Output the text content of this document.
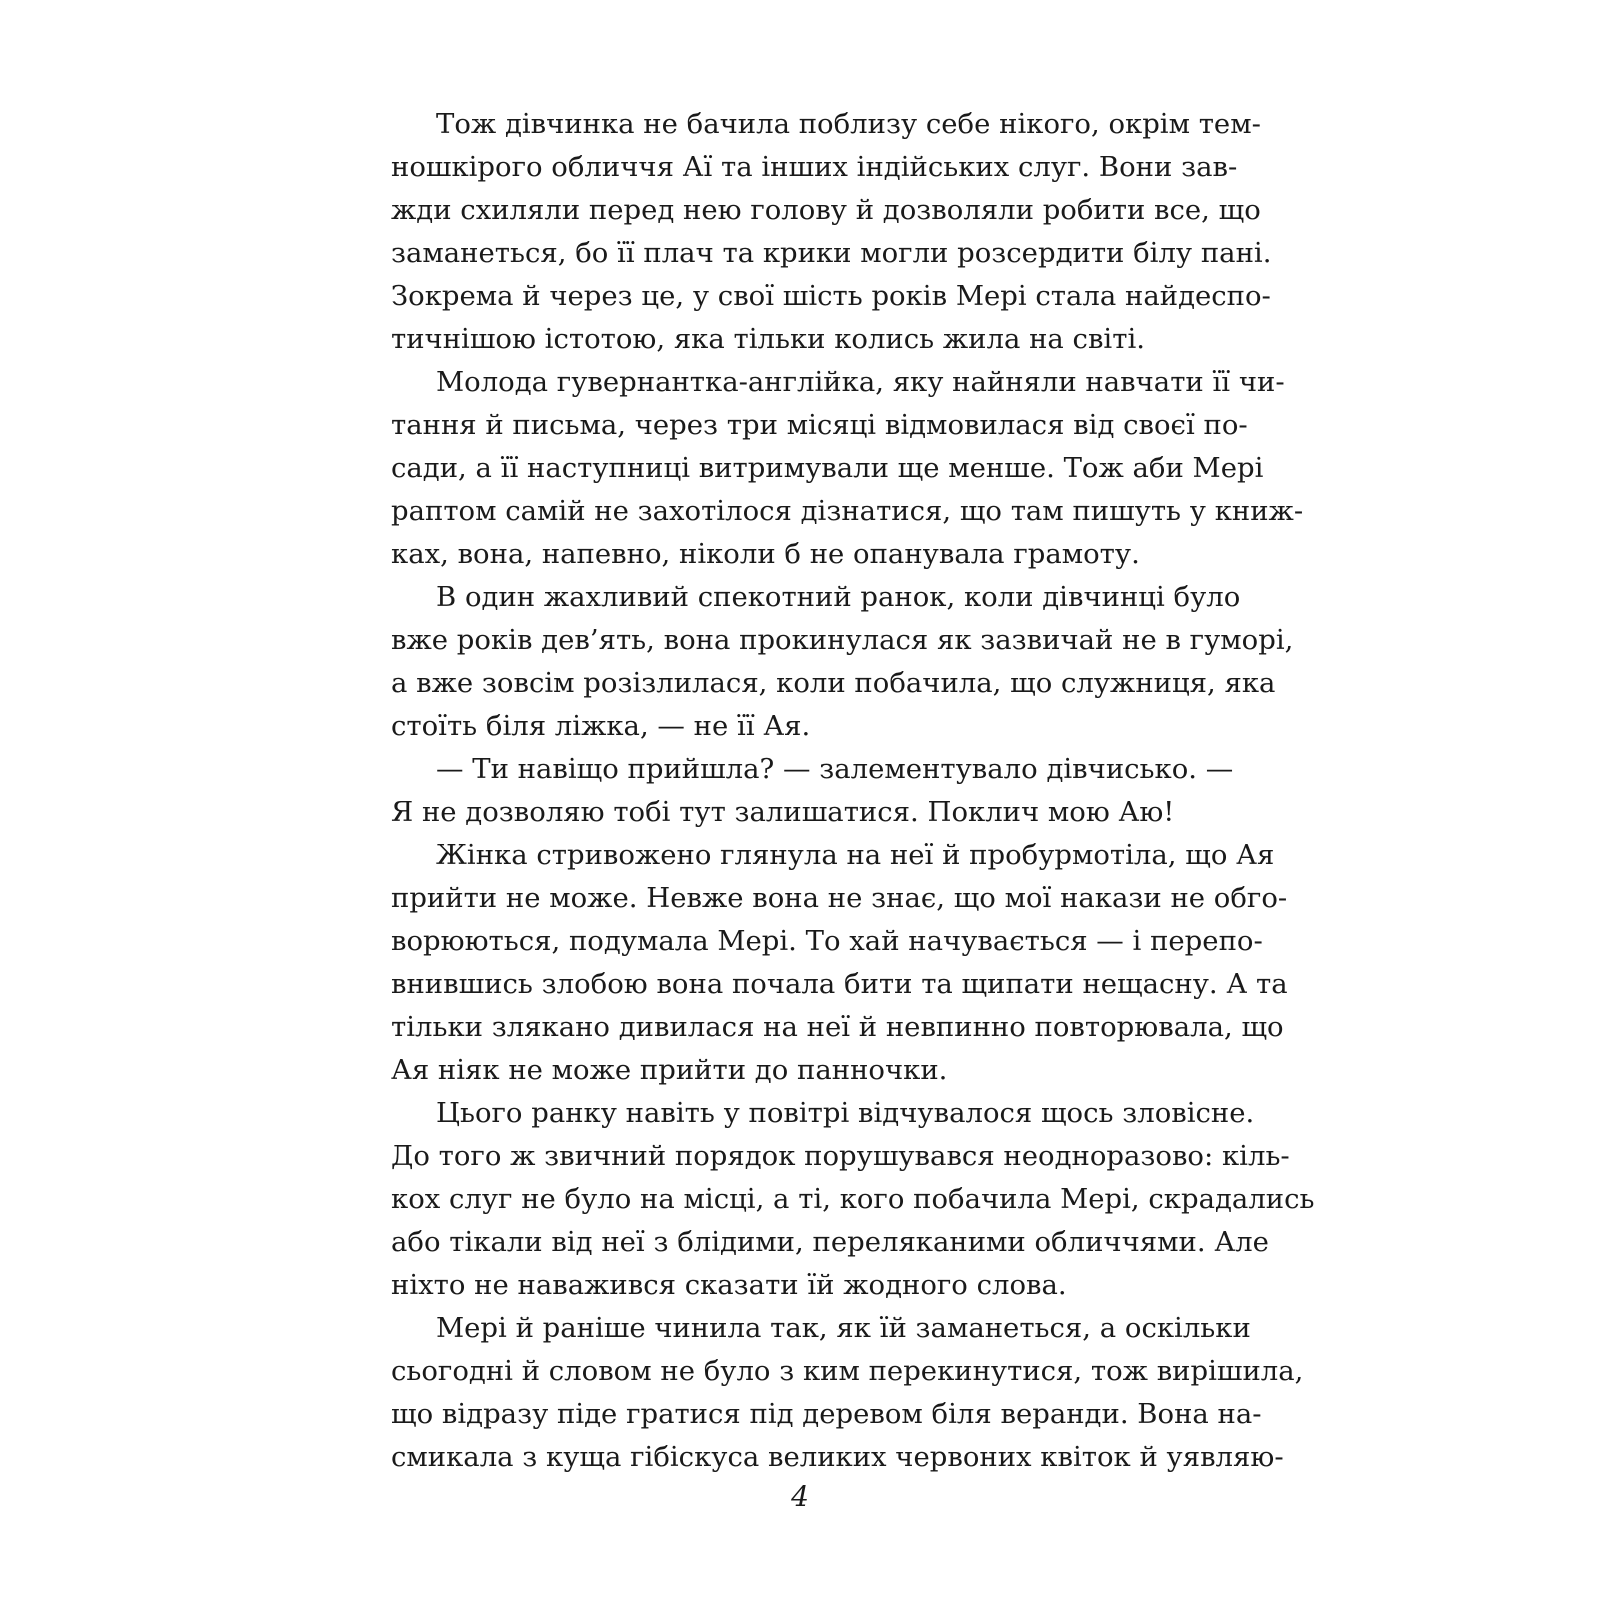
Тож дівчинка не бачила поблизу себе нікого, окрім тем-
ношкірого обличчя Аї та інших індійських слуг. Вони зав-
жди схиляли перед нею голову й дозволяли робити все, що
заманеться, бо її плач та крики могли розсердити білу пані.
Зокрема й через це, у свої шість років Мері стала найдеспо-
тичнішою істотою, яка тільки колись жила на світі.
Молода гувернантка-англійка, яку найняли навчати її чи-
тання й письма, через три місяці відмовилася від своєї по-
сади, а її наступниці витримували ще менше. Тож аби Мері
раптом самій не захотілося дізнатися, що там пишуть у книж-
ках, вона, напевно, ніколи б не опанувала грамоту.
В один жахливий спекотний ранок, коли дівчинці було
вже років дев’ять, вона прокинулася як зазвичай не в гуморі,
а вже зовсім розізлилася, коли побачила, що служниця, яка
стоїть біля ліжка, — не її Ая.
— Ти навіщо прийшла? — залементувало дівчисько. —
Я не дозволяю тобі тут залишатися. Поклич мою Аю!
Жінка стривожено глянула на неї й пробурмотіла, що Ая
прийти не може. Невже вона не знає, що мої накази не обго-
ворюються, подумала Мері. То хай начувається — і перепо-
внившись злобою вона почала бити та щипати нещасну. А та
тільки злякано дивилася на неї й невпинно повторювала, що
Ая ніяк не може прийти до панночки.
Цього ранку навіть у повітрі відчувалося щось зловісне.
До того ж звичний порядок порушувався неодноразово: кіль-
кох слуг не було на місці, а ті, кого побачила Мері, скрадались
або тікали від неї з блідими, переляканими обличчями. Але
ніхто не наважився сказати їй жодного слова.
Мері й раніше чинила так, як їй заманеться, а оскільки
сьогодні й словом не було з ким перекинутися, тож вирішила,
що відразу піде гратися під деревом біля веранди. Вона на-
смикала з куща гібіскуса великих червоних квіток й уявляю-
4
